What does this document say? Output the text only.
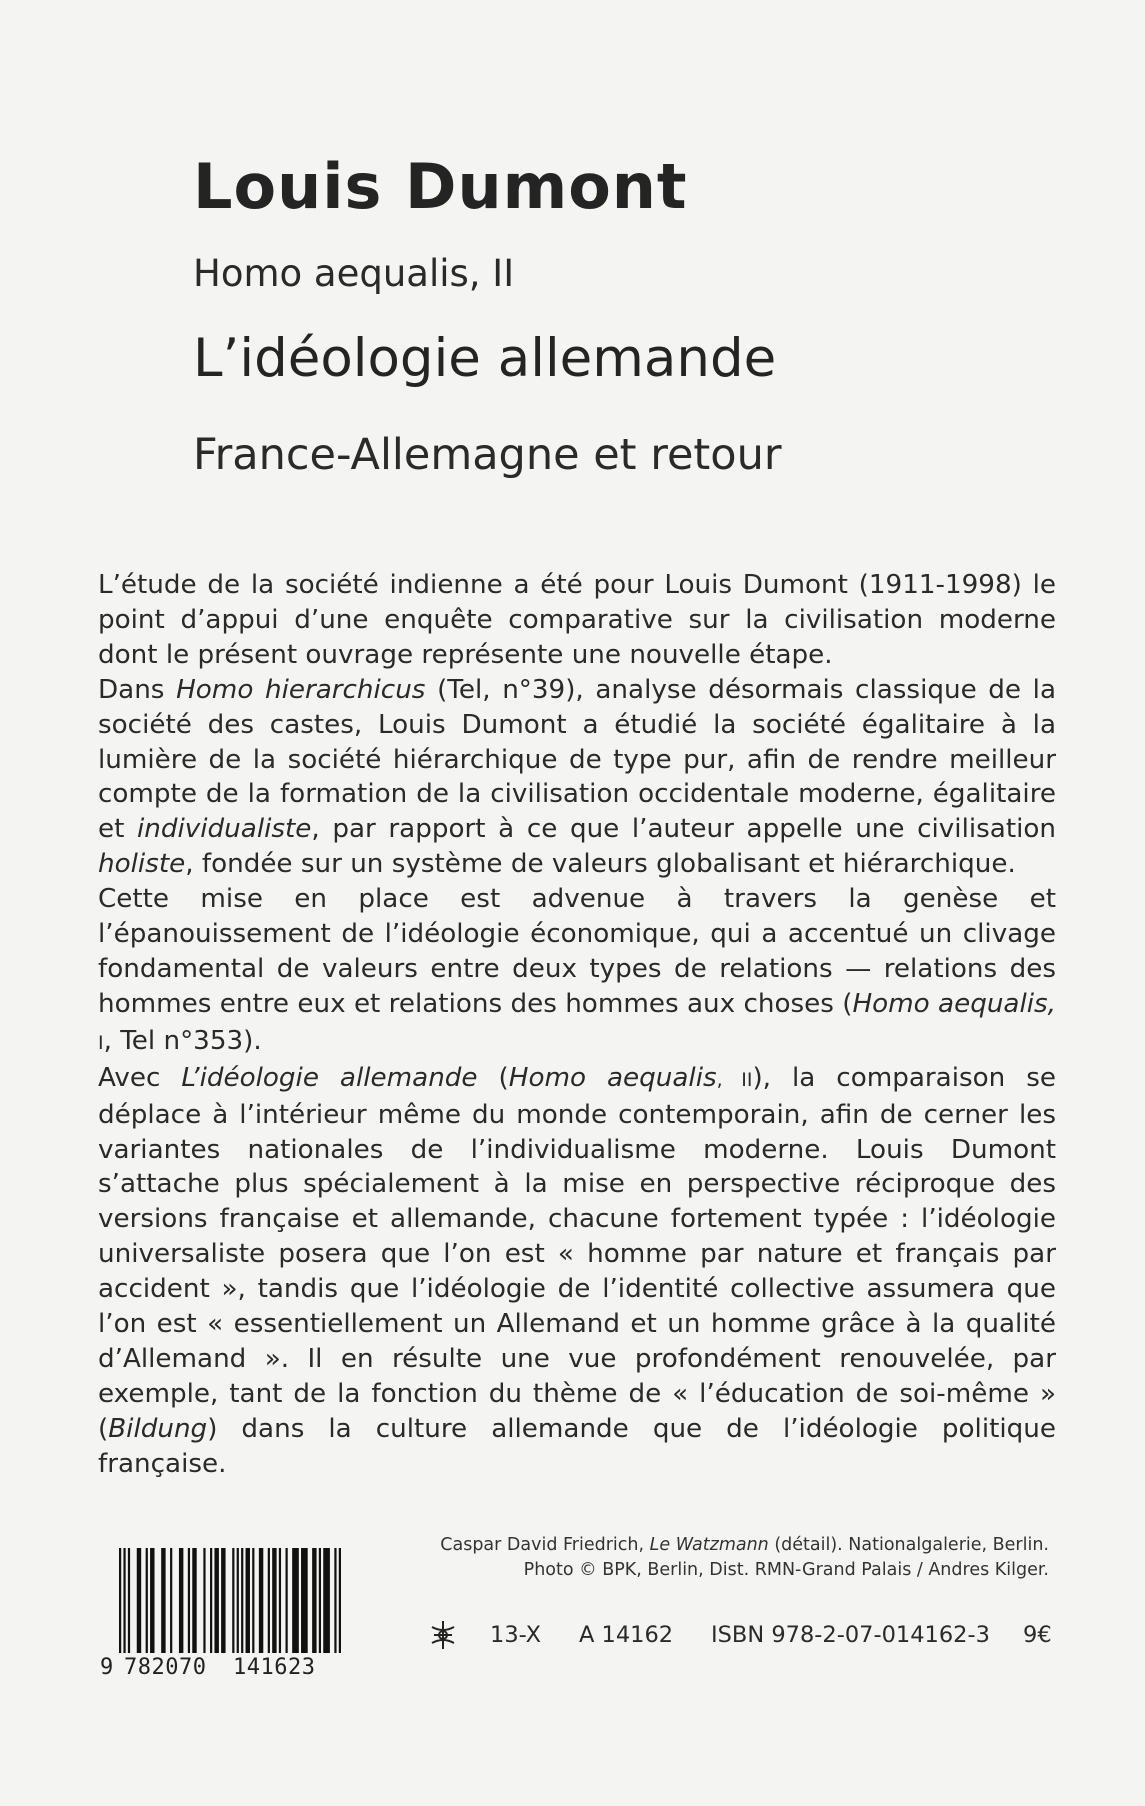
Louis Dumont
Homo aequalis, II
L’idéologie allemande
France-Allemagne et retour

L’étude de la société indienne a été pour Louis Dumont (1911-1998) le point d’appui d’une enquête comparative sur la civilisation moderne dont le présent ouvrage représente une nouvelle étape.

Dans Homo hierarchicus (Tel, n°39), analyse désormais classique de la société des castes, Louis Dumont a étudié la société égalitaire à la lumière de la société hiérarchique de type pur, afin de rendre meilleur compte de la formation de la civilisation occidentale moderne, égalitaire et individualiste, par rapport à ce que l’auteur appelle une civilisation holiste, fondée sur un système de valeurs globalisant et hiérarchique.

Cette mise en place est advenue à travers la genèse et l’épanouissement de l’idéologie économique, qui a accentué un clivage fondamental de valeurs entre deux types de relations — relations des hommes entre eux et relations des hommes aux choses (Homo aequalis, I, Tel n°353).

Avec L’idéologie allemande (Homo aequalis, II), la comparaison se déplace à l’intérieur même du monde contemporain, afin de cerner les variantes nationales de l’individualisme moderne. Louis Dumont s’attache plus spécialement à la mise en perspective réciproque des versions française et allemande, chacune fortement typée : l’idéologie universaliste posera que l’on est « homme par nature et français par accident », tandis que l’idéologie de l’identité collective assumera que l’on est « essentiellement un Allemand et un homme grâce à la qualité d’Allemand ». Il en résulte une vue profondément renouvelée, par exemple, tant de la fonction du thème de « l’éducation de soi-même » (Bildung) dans la culture allemande que de l’idéologie politique française.

Caspar David Friedrich, Le Watzmann (détail). Nationalgalerie, Berlin.
Photo © BPK, Berlin, Dist. RMN-Grand Palais / Andres Kilger.
9 782070 141623
13-X A 14162 ISBN 978-2-07-014162-3 9€
